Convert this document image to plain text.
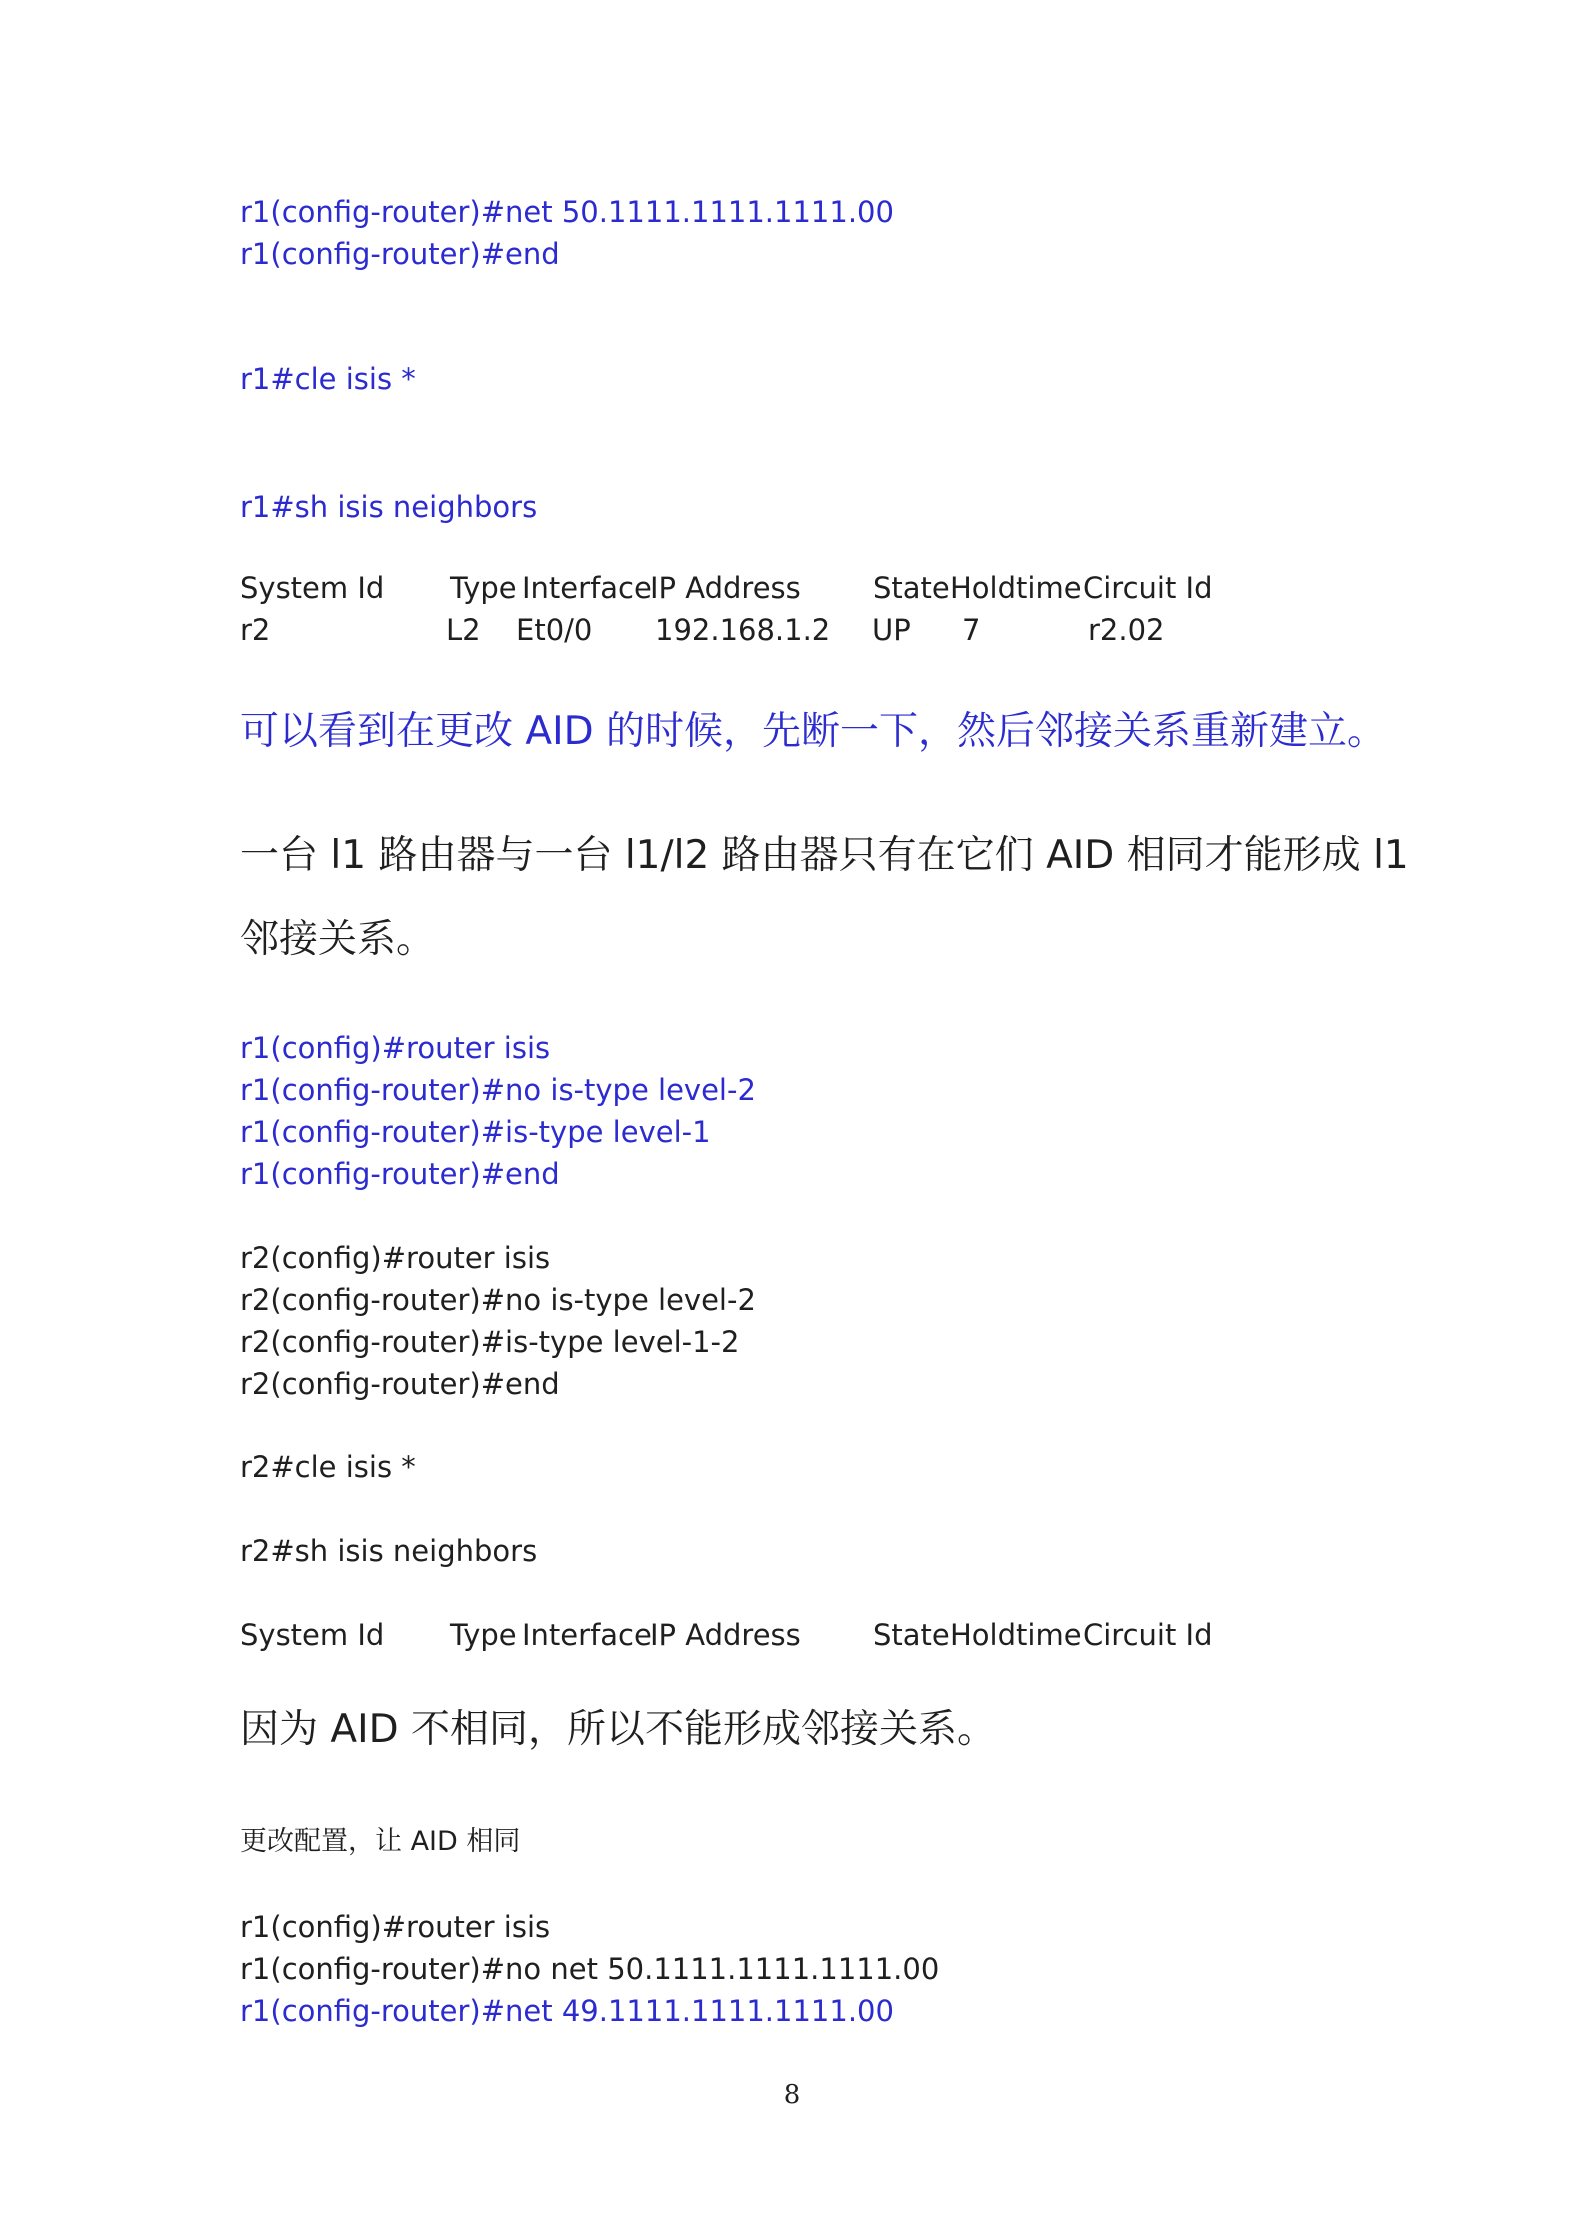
r1(config-router)#net 50.1111.1111.1111.00
r1(config-router)#end
r1#cle isis *
r1#sh isis neighbors
System Id Type Interface
IP Address State Holdtime Circuit Id
r2	L2 Et0/0 192.168.1.2 UP 7	r2.02
可以看到在更改 AID 的时候，先断一下，然后邻接关系重新建立。
一台 l1 路由器与一台 l1/l2 路由器只有在它们 AID 相同才能形成 l1
邻接关系。
r1(config)#router isis
r1(config-router)#no is-type level-2
r1(config-router)#is-type level-1
r1(config-router)#end
r2(config)#router isis
r2(config-router)#no is-type level-2
r2(config-router)#is-type level-1-2
r2(config-router)#end
r2#cle isis *
r2#sh isis neighbors
System Id Type Interface
IP Address State Holdtime Circuit Id
因为 AID 不相同，所以不能形成邻接关系。
更改配置，让 AID 相同
r1(config)#router isis
r1(config-router)#no net 50.1111.1111.1111.00
r1(config-router)#net 49.1111.1111.1111.00
8
